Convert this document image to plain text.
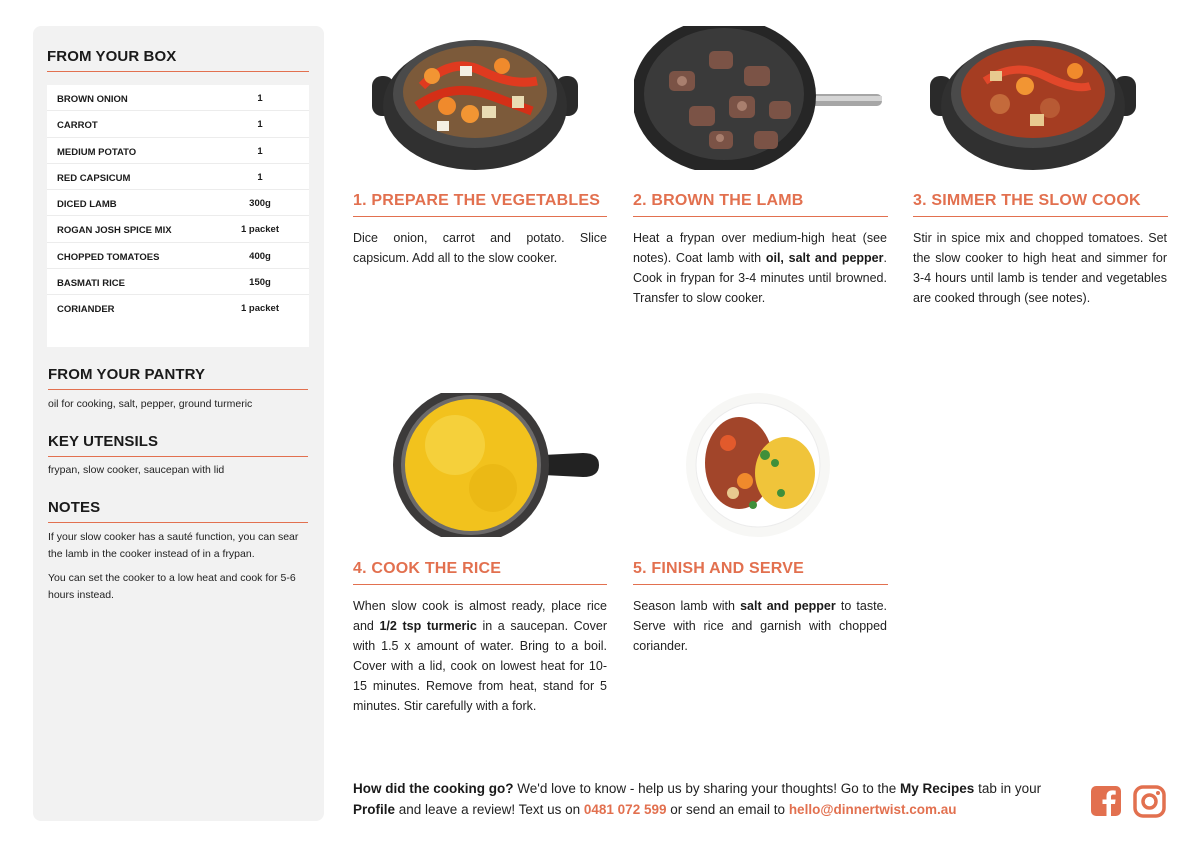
FROM YOUR BOX
BROWN ONION	1
CARROT	1
MEDIUM POTATO	1
RED CAPSICUM	1
DICED LAMB	300g
ROGAN JOSH SPICE MIX	1 packet
CHOPPED TOMATOES	400g
BASMATI RICE	150g
CORIANDER	1 packet
FROM YOUR PANTRY
oil for cooking, salt, pepper, ground turmeric
KEY UTENSILS
frypan, slow cooker, saucepan with lid
NOTES
If your slow cooker has a sauté function, you can sear the lamb in the cooker instead of in a frypan.
You can set the cooker to a low heat and cook for 5-6 hours instead.
1. PREPARE THE VEGETABLES
Dice onion, carrot and potato. Slice capsicum. Add all to the slow cooker.
2. BROWN THE LAMB
Heat a frypan over medium-high heat (see notes). Coat lamb with oil, salt and pepper. Cook in frypan for 3-4 minutes until browned. Transfer to slow cooker.
3. SIMMER THE SLOW COOK
Stir in spice mix and chopped tomatoes. Set the slow cooker to high heat and simmer for 3-4 hours until lamb is tender and vegetables are cooked through (see notes).
4. COOK THE RICE
When slow cook is almost ready, place rice and 1/2 tsp turmeric in a saucepan. Cover with 1.5 x amount of water. Bring to a boil. Cover with a lid, cook on lowest heat for 10-15 minutes. Remove from heat, stand for 5 minutes. Stir carefully with a fork.
5. FINISH AND SERVE
Season lamb with salt and pepper to taste. Serve with rice and garnish with chopped coriander.
How did the cooking go? We'd love to know - help us by sharing your thoughts! Go to the My Recipes tab in your Profile and leave a review! Text us on 0481 072 599 or send an email to hello@dinnertwist.com.au
